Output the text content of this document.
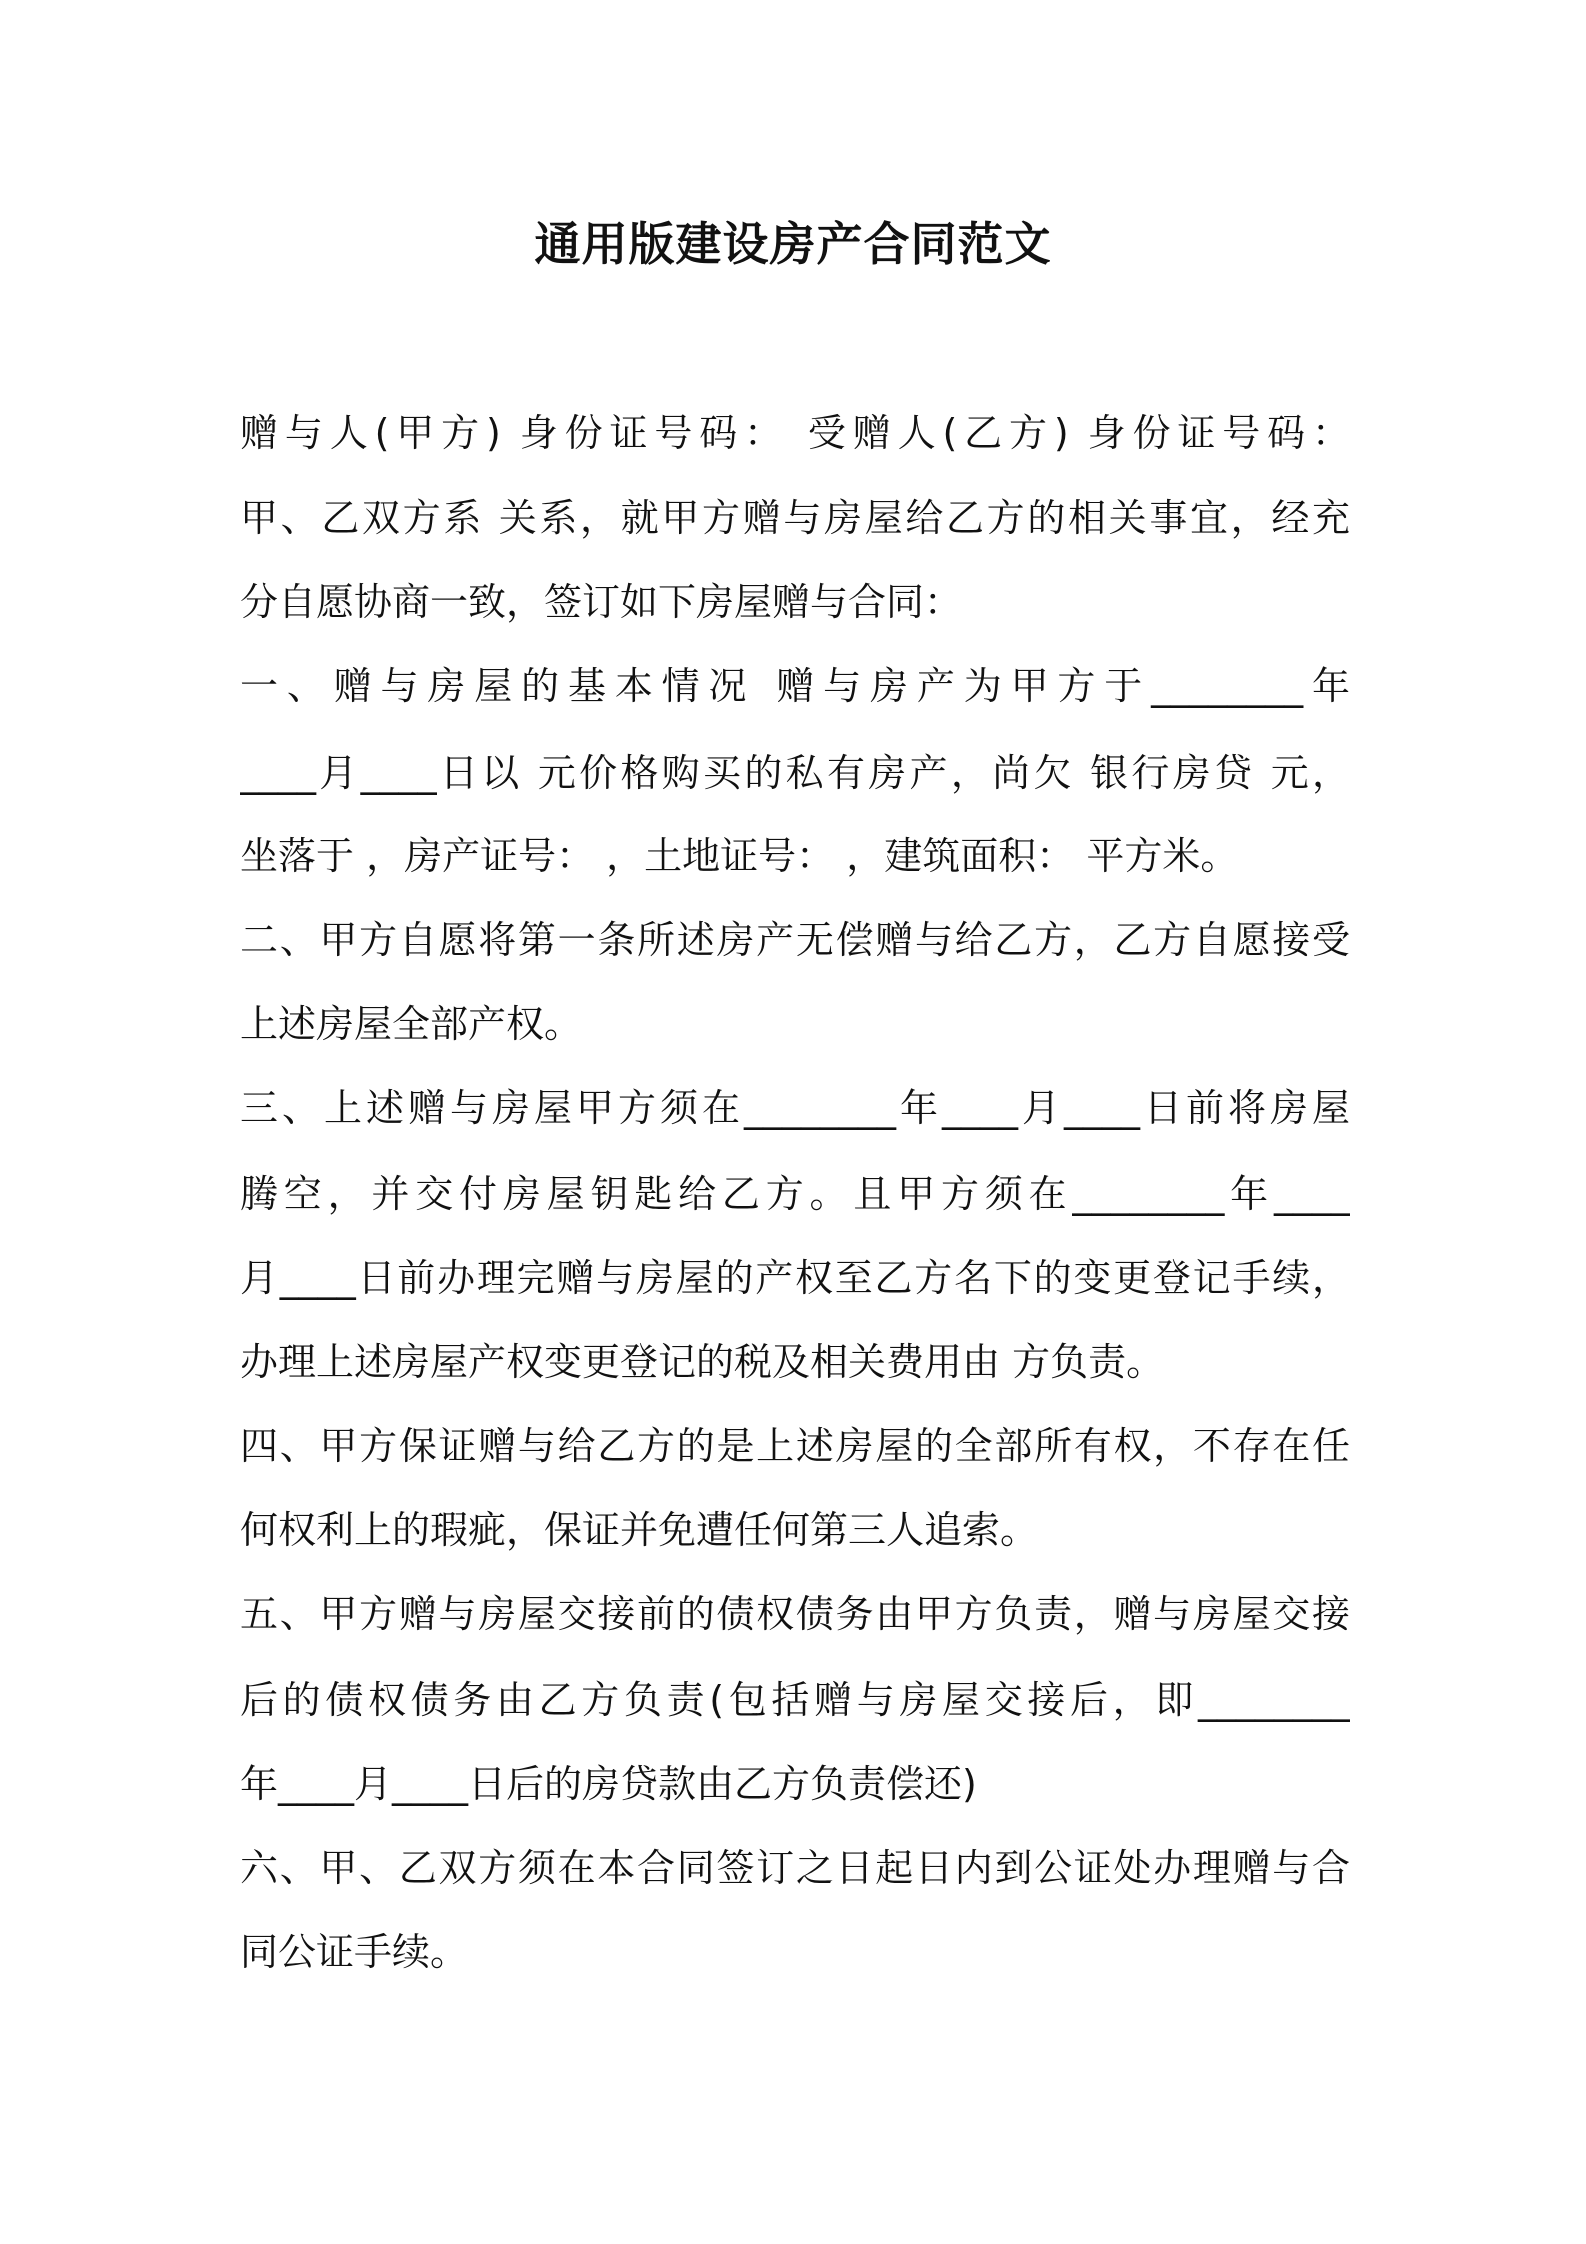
通用版建设房产合同范文
赠与人(甲方) 身份证号码： 受赠人(乙方) 身份证号码：
甲、乙双方系 关系，就甲方赠与房屋给乙方的相关事宜，经充
分自愿协商一致，签订如下房屋赠与合同：
一、赠与房屋的基本情况 赠与房产为甲方于________年
____月____日以 元价格购买的私有房产，尚欠 银行房贷 元，
坐落于 ，房产证号： ，土地证号： ，建筑面积： 平方米。
二、甲方自愿将第一条所述房产无偿赠与给乙方，乙方自愿接受
上述房屋全部产权。
三、上述赠与房屋甲方须在________年____月____日前将房屋
腾空，并交付房屋钥匙给乙方。且甲方须在________年____
月____日前办理完赠与房屋的产权至乙方名下的变更登记手续，
办理上述房屋产权变更登记的税及相关费用由 方负责。
四、甲方保证赠与给乙方的是上述房屋的全部所有权，不存在任
何权利上的瑕疵，保证并免遭任何第三人追索。
五、甲方赠与房屋交接前的债权债务由甲方负责，赠与房屋交接
后的债权债务由乙方负责(包括赠与房屋交接后，即________
年____月____日后的房贷款由乙方负责偿还)
六、甲、乙双方须在本合同签订之日起日内到公证处办理赠与合
同公证手续。
